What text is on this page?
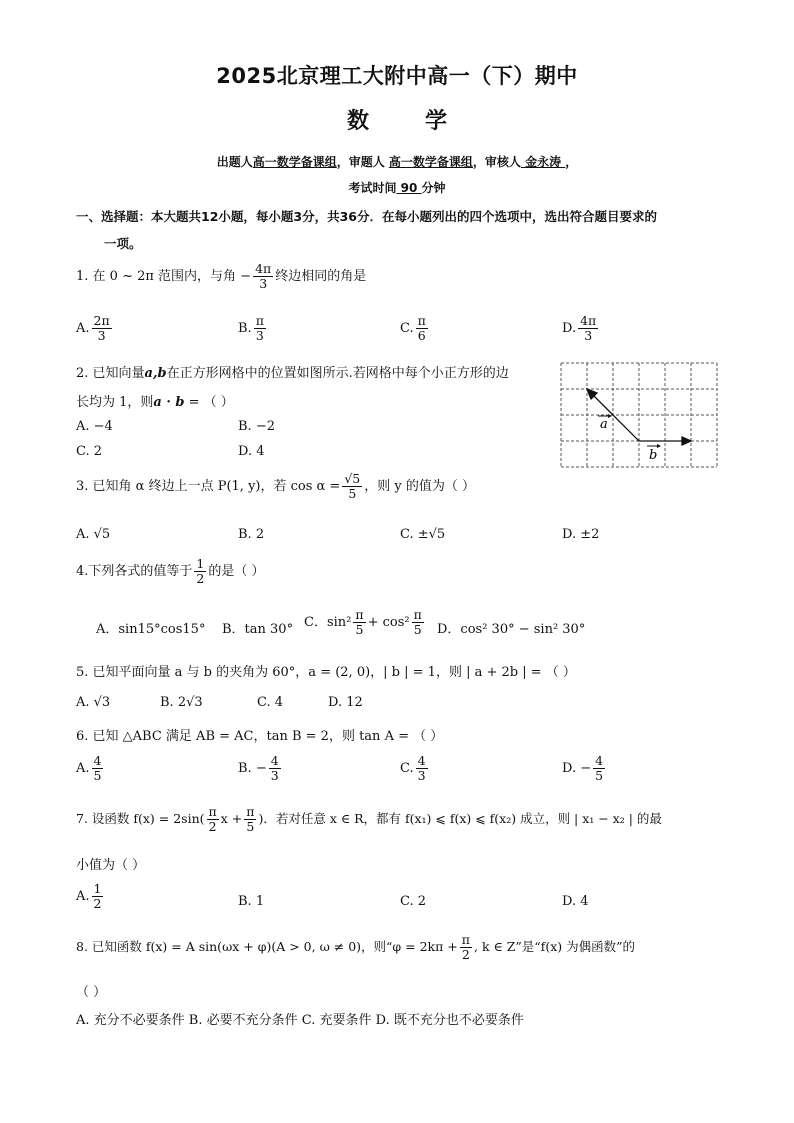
2025北京理工大附中高一（下）期中
数	学
出题人高一数学备课组，审题人 高一数学备课组，审核人 金永涛 ，
考试时间 90 分钟
一、选择题：本大题共12小题，每小题3分，共36分．在每小题列出的四个选项中，选出符合题目要求的
一项。
1. 在 0 ~ 2π 范围内，与角 − $\frac{4\pi}{3}$ 终边相同的角是
A. $\frac{2\pi}{3}$	B. $\frac{\pi}{3}$	C. $\frac{\pi}{6}$	D. $\frac{4\pi}{3}$
2. 已知向量a,b在正方形网格中的位置如图所示.若网格中每个小正方形的边
长均为 1，则a · b = （ ）
A. −4	B. −2
C. 2	D. 4
a
b
3. 已知角 α 终边上一点 P(1, y)，若 $\cos \alpha = \frac{√5}{5}$ ，则 y 的值为（ ）
A. √5	B. 2	C. ±√5	D. ±2
4.下列各式的值等于 $\frac{1}{2}$ 的是（ ）
A．sin15°cos15° B．tan 30° C．$\sin^2 \frac{\pi}{5} + \cos^2 \frac{\pi}{5}$ D．cos² 30° − sin² 30°
5. 已知平面向量 a 与 b 的夹角为 60°，a = (2, 0)，| b | = 1，则 | a + 2b | = （ ）
A. √3	B. 2√3	C. 4	D. 12
6. 已知 △ABC 满足 AB = AC，tan B = 2，则 tan A = （ ）
A. $\frac{4}{5}$	B. − $\frac{4}{3}$	C. $\frac{4}{3}$	D. − $\frac{4}{5}$
7. 设函数 $f(x) = 2\sin( \frac{\pi}{2}$ $x + \frac{\pi}{5}$ )．若对任意 x ∈ R，都有 f(x₁) ⩽ f(x) ⩽ f(x₂) 成立，则 | x₁ − x₂ | 的最
小值为（ ）
A. $\frac{1}{2}$	B. 1	C. 2	D. 4
8. 已知函数 f(x) = A sin(ωx + φ)(A > 0, ω ≠ 0)，则“$\varphi = 2k\pi + \frac{\pi}{2}$ , k ∈ Z”是“f(x) 为偶函数”的
（ ）
A. 充分不必要条件 B. 必要不充分条件 C. 充要条件 D. 既不充分也不必要条件
